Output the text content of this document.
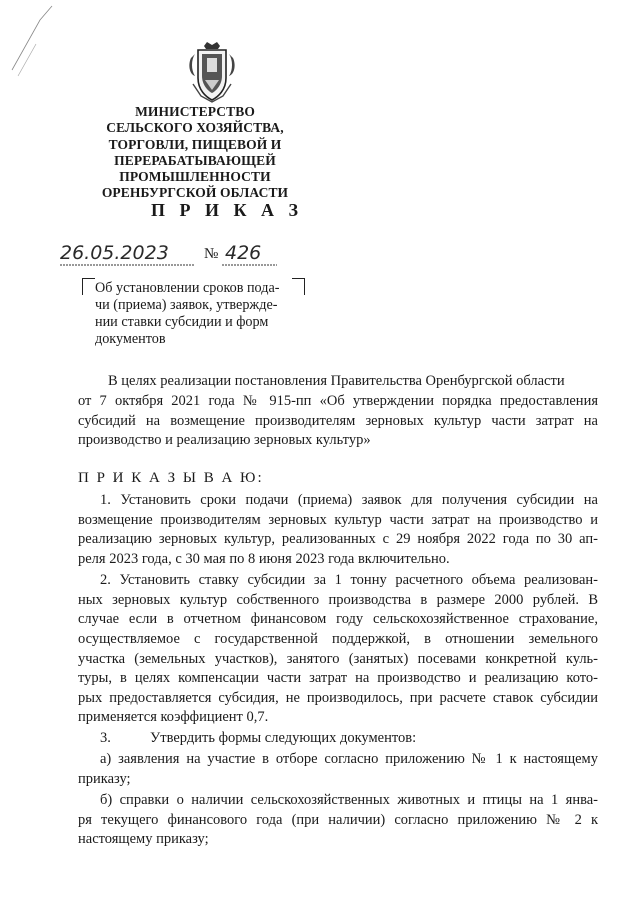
МИНИСТЕРСТВО
СЕЛЬСКОГО ХОЗЯЙСТВА,
ТОРГОВЛИ, ПИЩЕВОЙ И
ПЕРЕРАБАТЫВАЮЩЕЙ
ПРОМЫШЛЕННОСТИ
ОРЕНБУРГСКОЙ ОБЛАСТИ
П Р И К А З
26.05.2023 № 426
Об установлении сроков пода-
чи (приема) заявок, утвержде-
нии ставки субсидии и форм
документов
В целях реализации постановления Правительства Оренбургской области
от 7 октября 2021 года № 915-пп «Об утверждении порядка предоставления
субсидий на возмещение производителям зерновых культур части затрат на
производство и реализацию зерновых культур»
П Р И К А З Ы В А Ю:
1. Установить сроки подачи (приема) заявок для получения субсидии на
возмещение производителям зерновых культур части затрат на производство и
реализацию зерновых культур, реализованных с 29 ноября 2022 года по 30 ап-
реля 2023 года, с 30 мая по 8 июня 2023 года включительно.
2. Установить ставку субсидии за 1 тонну расчетного объема реализован-
ных зерновых культур собственного производства в размере 2000 рублей. В
случае если в отчетном финансовом году сельскохозяйственное страхование,
осуществляемое с государственной поддержкой, в отношении земельного
участка (земельных участков), занятого (занятых) посевами конкретной куль-
туры, в целях компенсации части затрат на производство и реализацию кото-
рых предоставляется субсидия, не производилось, при расчете ставок субсидии
применяется коэффициент 0,7.
3.	Утвердить формы следующих документов:
а) заявления на участие в отборе согласно приложению № 1 к настоящему
приказу;
б) справки о наличии сельскохозяйственных животных и птицы на 1 янва-
ря текущего финансового года (при наличии) согласно приложению № 2 к
настоящему приказу;
